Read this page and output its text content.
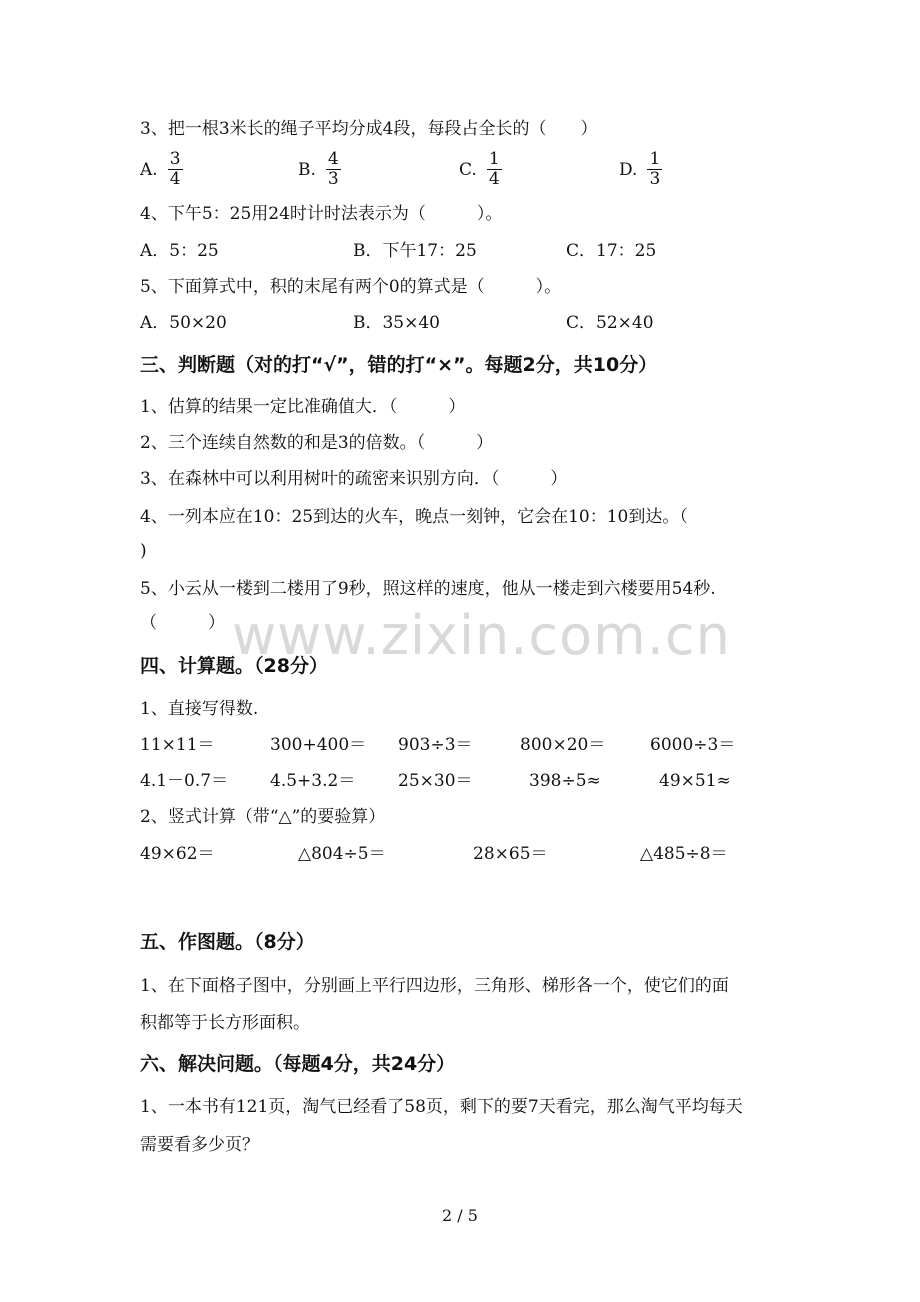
3、把一根3米长的绳子平均分成4段，每段占全长的（　　）
A. $\frac{3}{4}$	B. $\frac{4}{3}$	C. $\frac{1}{4}$	D. $\frac{1}{3}$
4、下午5：25用24时计时法表示为（　　　）。
A．5：25	B．下午17：25	C．17：25
5、下面算式中，积的末尾有两个0的算式是（　　　）。
A．50×20	B．35×40	C．52×40
三、判断题（对的打“√”，错的打“×”。每题2分，共10分）
1、估算的结果一定比准确值大．（　　　）
2、三个连续自然数的和是3的倍数。（　　　）
3、在森林中可以利用树叶的疏密来识别方向．（　　　）
4、一列本应在10：25到达的火车，晚点一刻钟，它会在10：10到达。（
)
5、小云从一楼到二楼用了9秒，照这样的速度，他从一楼走到六楼要用54秒.
（　　　） www.zixin.com.cn
四、计算题。（28分）
1、直接写得数.
11×11＝	300+400＝ 903÷3＝	800×20＝	6000÷3＝
4.1－0.7＝ 4.5+3.2＝	25×30＝	398÷5≈	49×51≈
2、竖式计算（带“△”的要验算）
49×62＝	△804÷5＝	28×65＝	△485÷8＝
五、作图题。（8分）
1、在下面格子图中，分别画上平行四边形，三角形、梯形各一个，使它们的面
积都等于长方形面积。
六、解决问题。（每题4分，共24分）
1、一本书有121页，淘气已经看了58页，剩下的要7天看完，那么淘气平均每天
需要看多少页？
2 / 5
